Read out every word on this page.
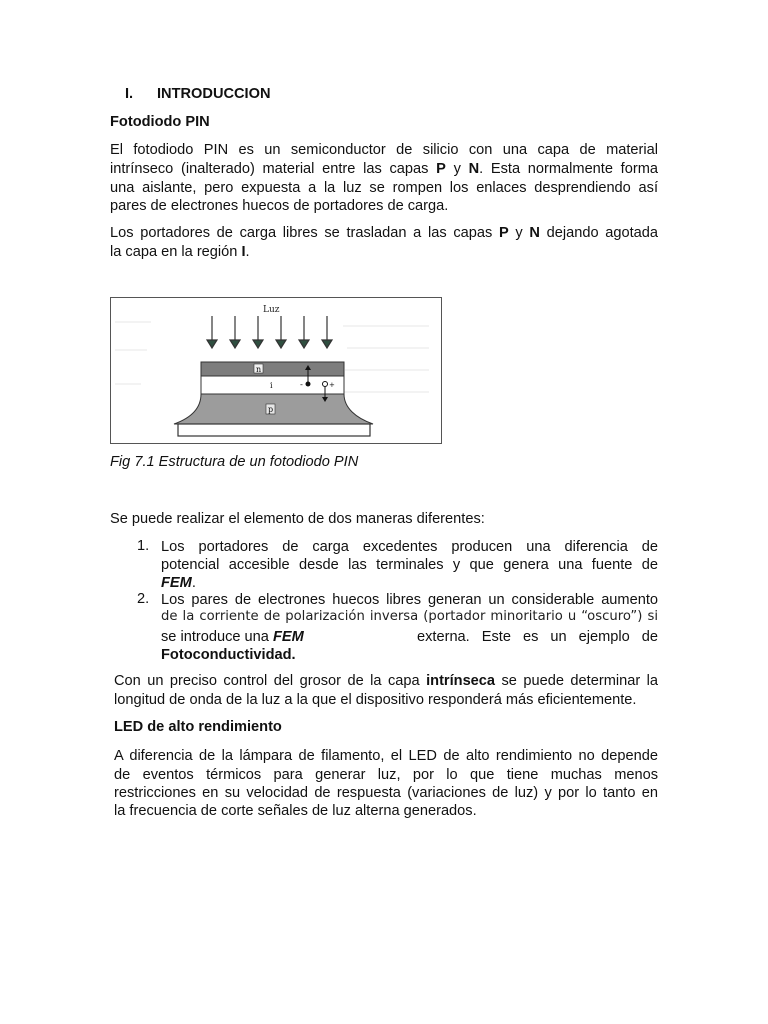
I. INTRODUCCION
Fotodiodo PIN
El fotodiodo PIN es un semiconductor de silicio con una capa de material
intrínseco (inalterado) material entre las capas P y N. Esta normalmente forma
una aislante, pero expuesta a la luz se rompen los enlaces desprendiendo así
pares de electrones huecos de portadores de carga.
Los portadores de carga libres se trasladan a las capas P y N dejando agotada
la capa en la región I.
Luz
n
i
p
-	+
Fig 7.1 Estructura de un fotodiodo PIN
Se puede realizar el elemento de dos maneras diferentes:
1. Los portadores de carga excedentes producen una diferencia de
potencial accesible desde las terminales y que genera una fuente de
FEM.
2. Los pares de electrones huecos libres generan un considerable aumento
de la corriente de polarización inversa (portador minoritario u “oscuro”) si
se introduce una FEM	externa. Este es un ejemplo de
Fotoconductividad.
Con un preciso control del grosor de la capa intrínseca se puede determinar la
longitud de onda de la luz a la que el dispositivo responderá más eficientemente.
LED de alto rendimiento
A diferencia de la lámpara de filamento, el LED de alto rendimiento no depende
de eventos térmicos para generar luz, por lo que tiene muchas menos
restricciones en su velocidad de respuesta (variaciones de luz) y por lo tanto en
la frecuencia de corte señales de luz alterna generados.
